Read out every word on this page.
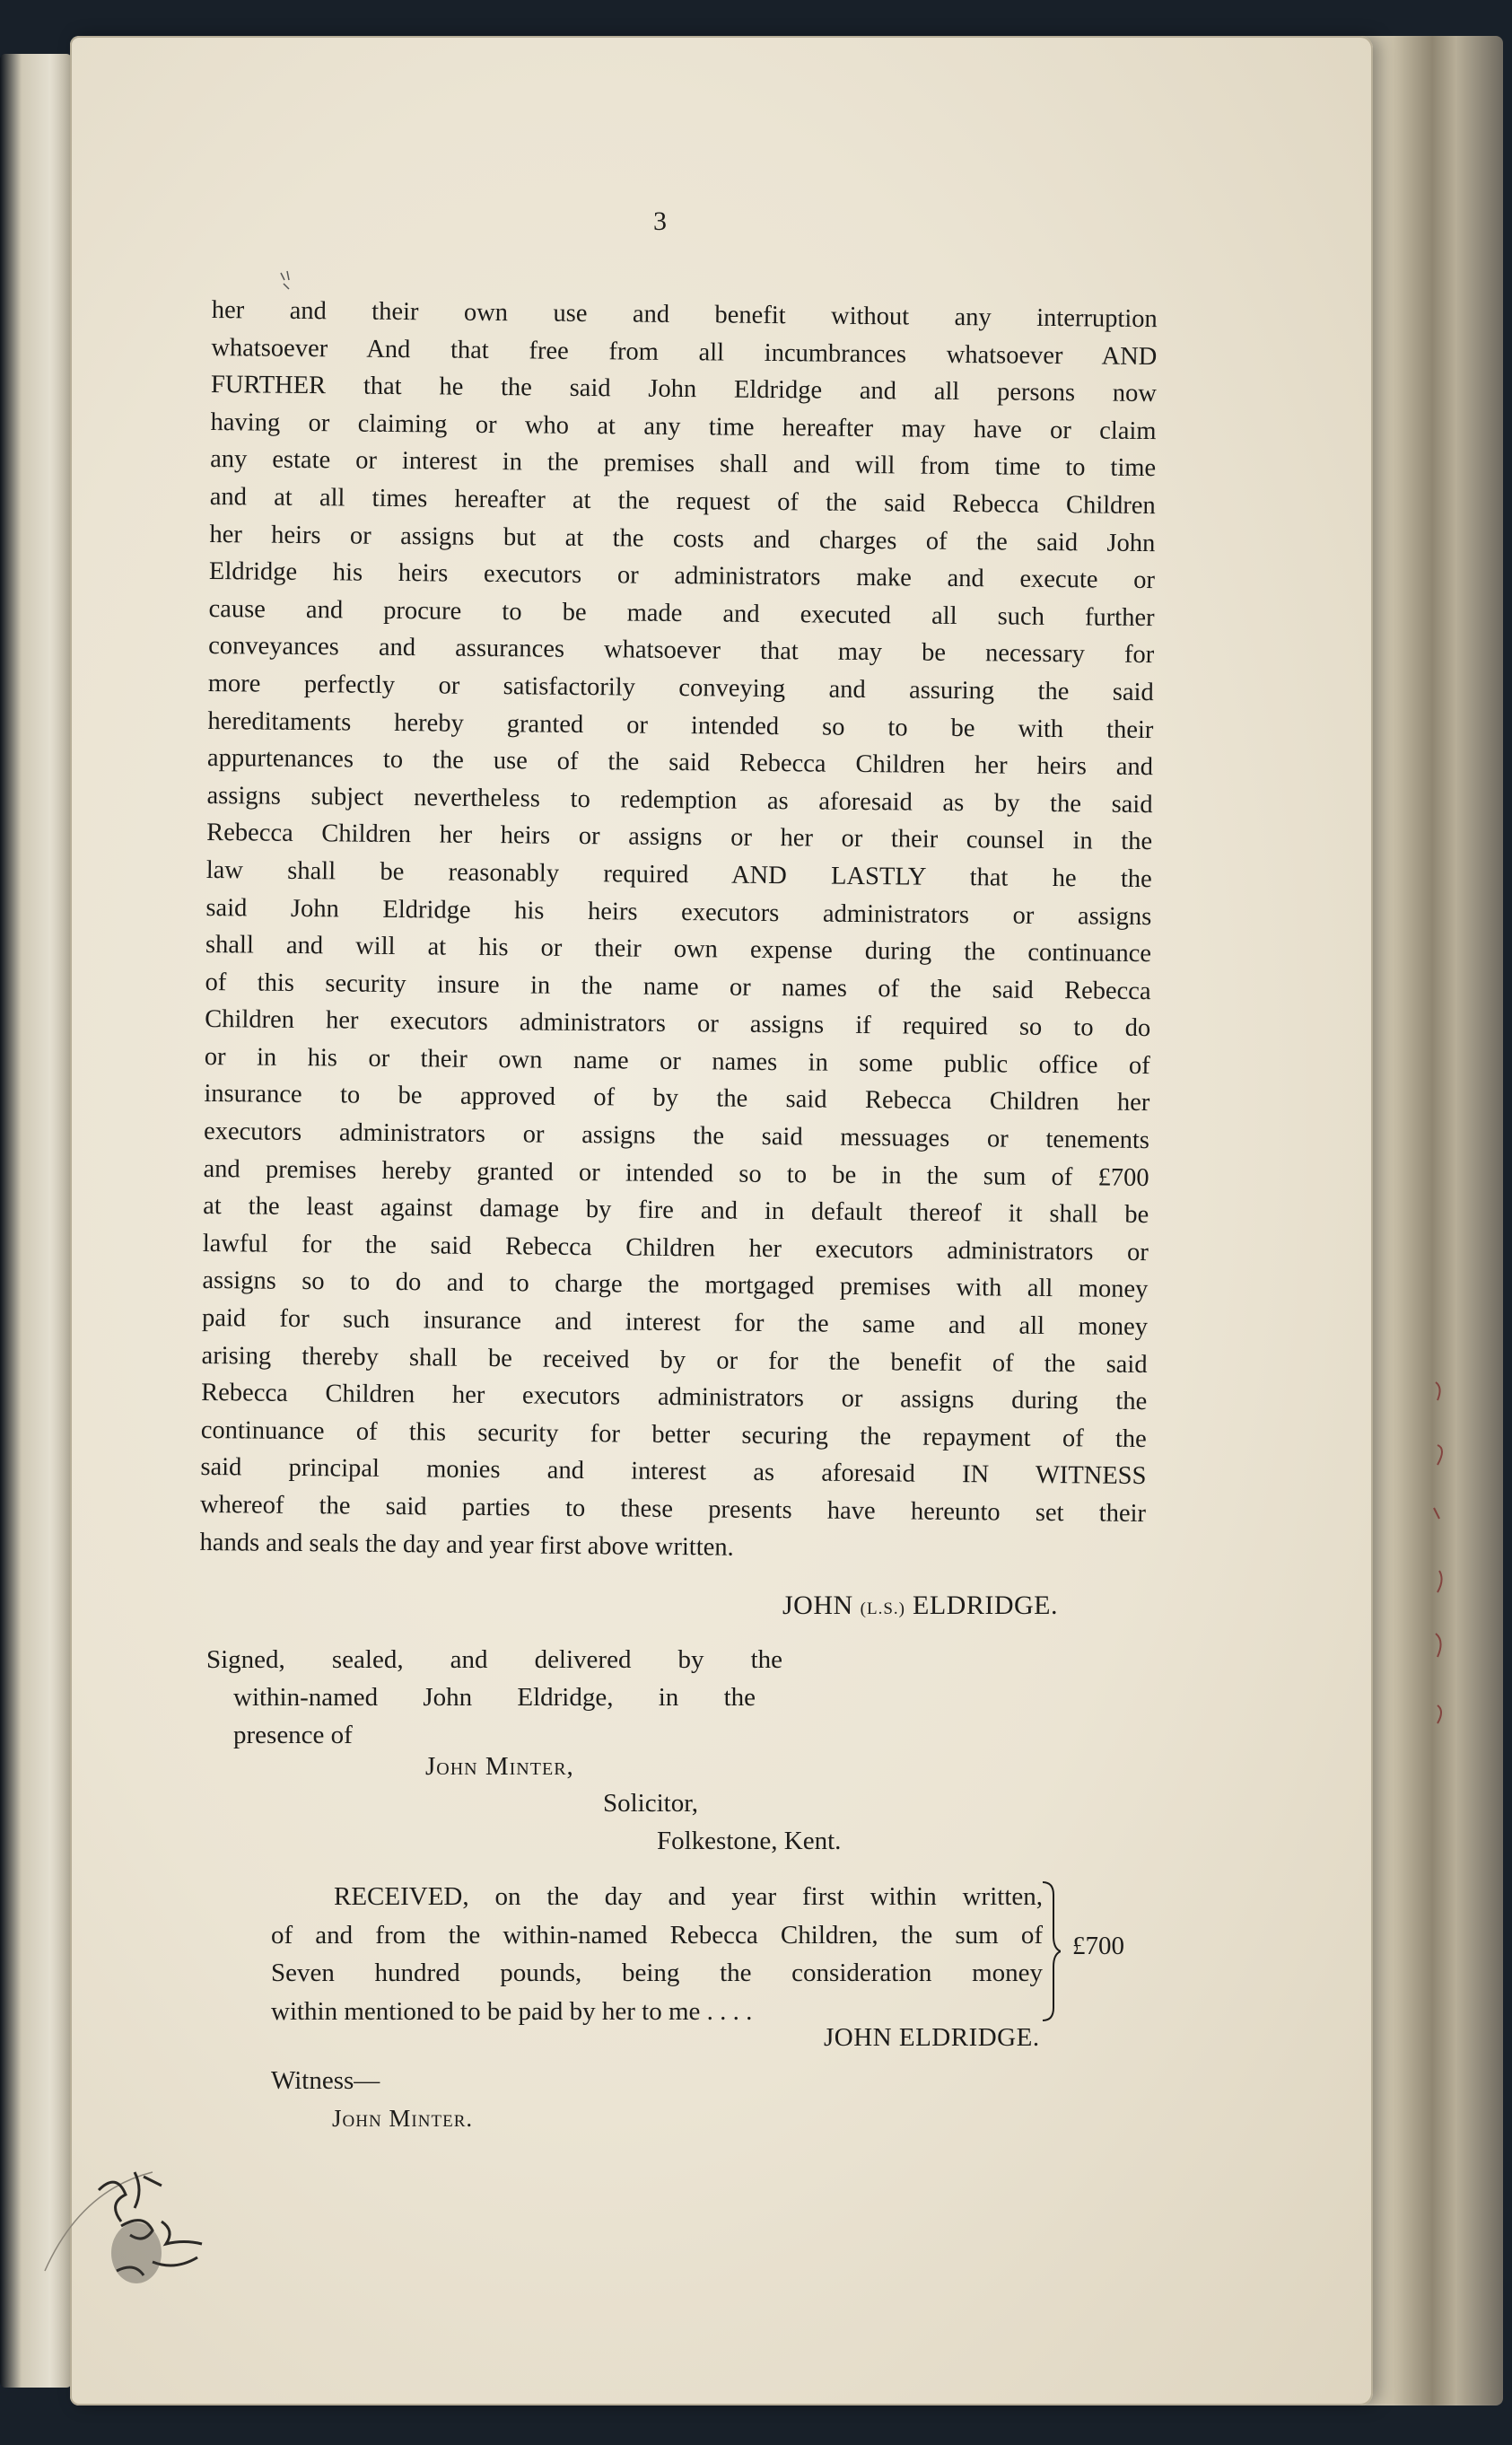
3
her and their own use and benefit without any interruption
whatsoever And that free from all incumbrances whatsoever AND
FURTHER that he the said John Eldridge and all persons now
having or claiming or who at any time hereafter may have or claim
any estate or interest in the premises shall and will from time to time
and at all times hereafter at the request of the said Rebecca Children
her heirs or assigns but at the costs and charges of the said John
Eldridge his heirs executors or administrators make and execute or
cause and procure to be made and executed all such further
conveyances and assurances whatsoever that may be necessary for
more perfectly or satisfactorily conveying and assuring the said
hereditaments hereby granted or intended so to be with their
appurtenances to the use of the said Rebecca Children her heirs and
assigns subject nevertheless to redemption as aforesaid as by the said
Rebecca Children her heirs or assigns or her or their counsel in the
law shall be reasonably required AND LASTLY that he the
said John Eldridge his heirs executors administrators or assigns
shall and will at his or their own expense during the continuance
of this security insure in the name or names of the said Rebecca
Children her executors administrators or assigns if required so to do
or in his or their own name or names in some public office of
insurance to be approved of by the said Rebecca Children her
executors administrators or assigns the said messuages or tenements
and premises hereby granted or intended so to be in the sum of £700
at the least against damage by fire and in default thereof it shall be
lawful for the said Rebecca Children her executors administrators or
assigns so to do and to charge the mortgaged premises with all money
paid for such insurance and interest for the same and all money
arising thereby shall be received by or for the benefit of the said
Rebecca Children her executors administrators or assigns during the
continuance of this security for better securing the repayment of the
said principal monies and interest as aforesaid IN WITNESS
whereof the said parties to these presents have hereunto set their
hands and seals the day and year first above written.
JOHN (L.S.) ELDRIDGE.
Signed, sealed, and delivered by the
within-named John Eldridge, in the
presence of
John Minter,
Solicitor,
Folkestone, Kent.
RECEIVED, on the day and year first within written,
of and from the within-named Rebecca Children, the sum of
Seven hundred pounds, being the consideration money
within mentioned to be paid by her to me . . . .
£700
JOHN ELDRIDGE.
Witness—
John Minter.
